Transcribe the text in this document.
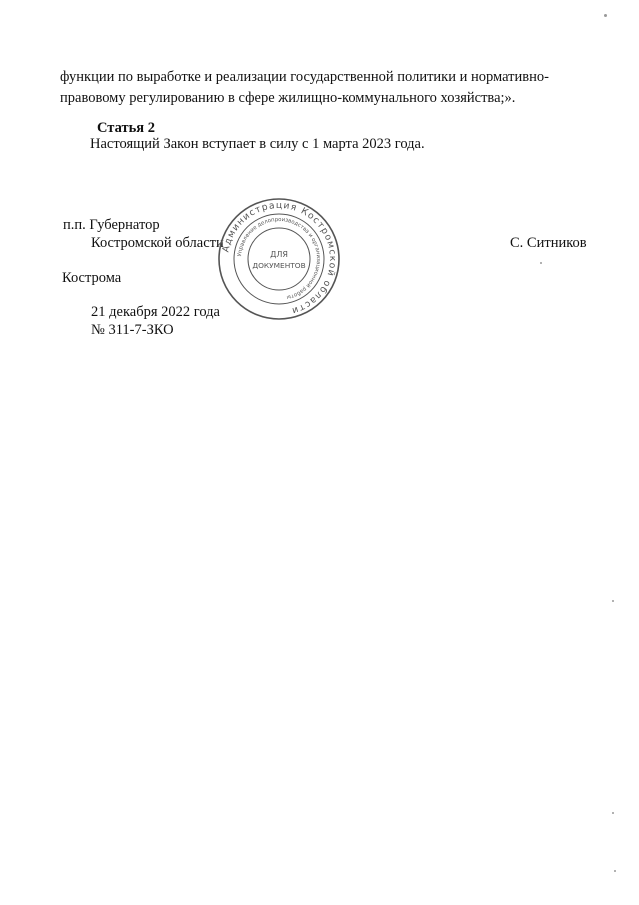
функции по выработке и реализации государственной политики и нормативно-
правовому регулированию в сфере жилищно-коммунального хозяйства;».
Статья 2
Настоящий Закон вступает в силу с 1 марта 2023 года.
п.п. Губернатор
Костромской области	С. Ситников
Кострома
21 декабря 2022 года
№ 311-7-ЗКО
Администрация Костромской области
Управление делопроизводства и организационной работы
ДЛЯ
ДОКУМЕНТОВ
